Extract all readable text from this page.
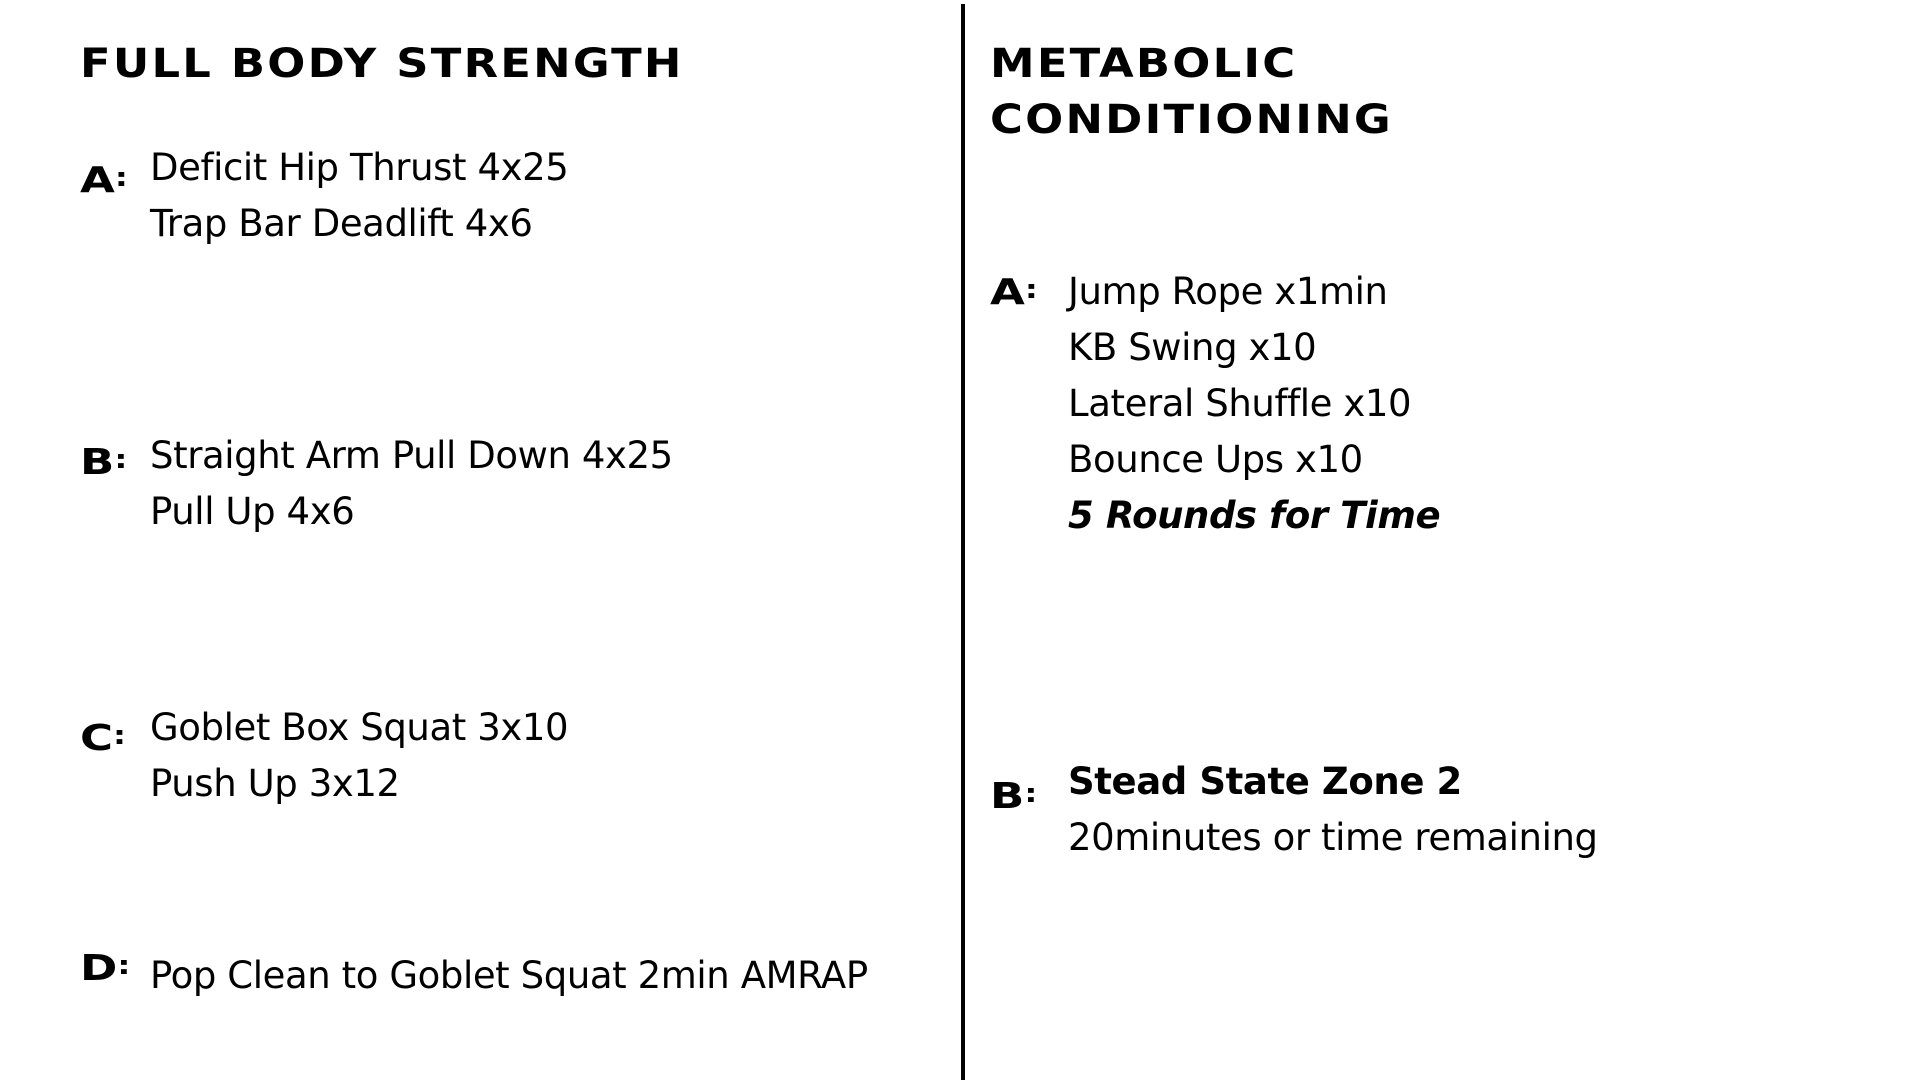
FULL BODY STRENGTH
A: Deficit Hip Thrust 4x25
Trap Bar Deadlift 4x6
B: Straight Arm Pull Down 4x25
Pull Up 4x6
C: Goblet Box Squat 3x10
Push Up 3x12
D: Pop Clean to Goblet Squat 2min AMRAP
METABOLIC
CONDITIONING
A: Jump Rope x1min
KB Swing x10
Lateral Shuffle x10
Bounce Ups x10
5 Rounds for Time
B: Stead State Zone 2
20minutes or time remaining
